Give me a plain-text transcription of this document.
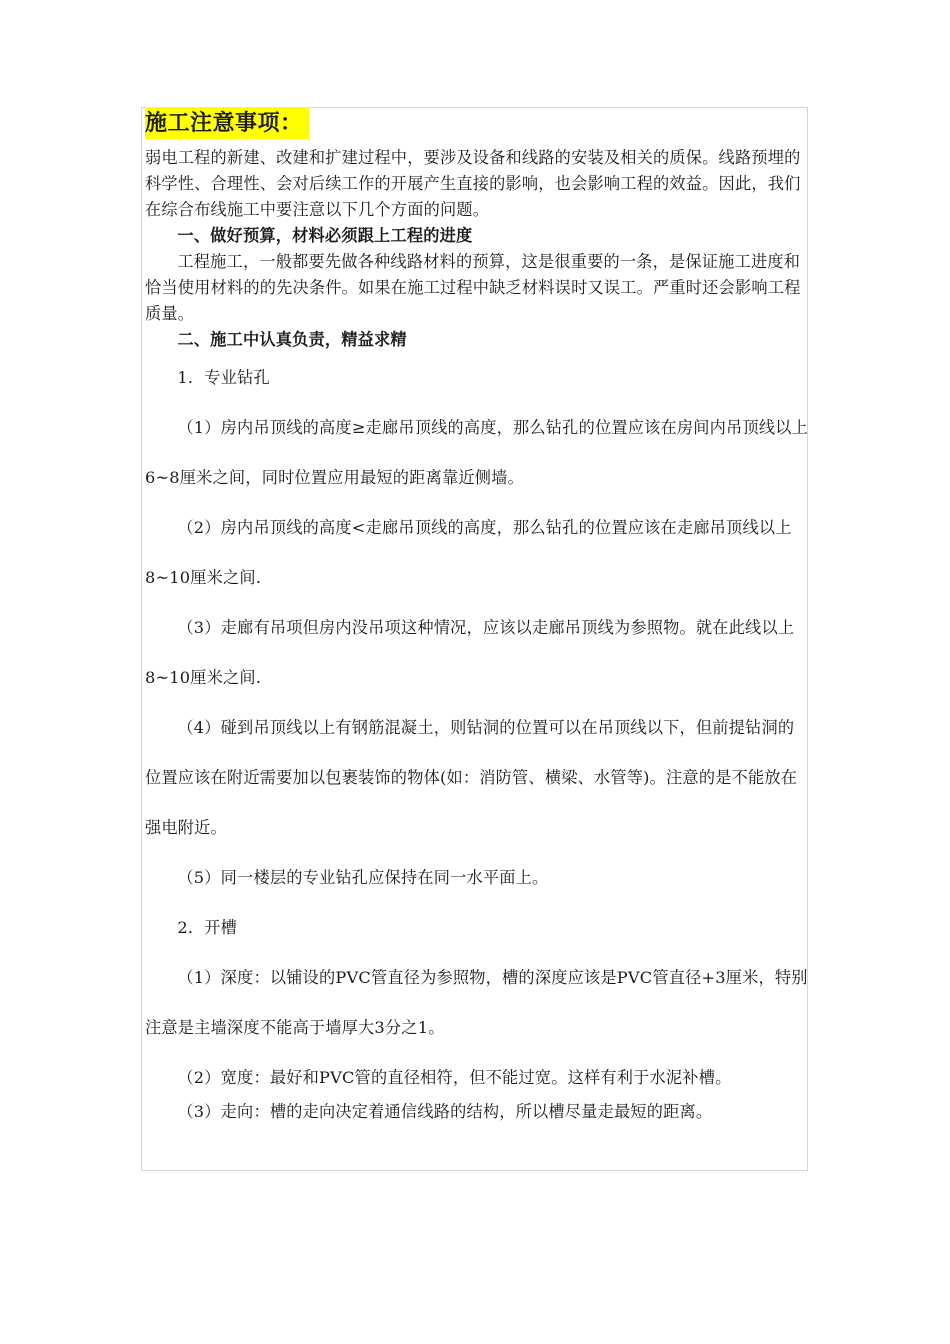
施工注意事项：

弱电工程的新建、改建和扩建过程中，要涉及设备和线路的安装及相关的质保。线路预埋的科学性、合理性、会对后续工作的开展产生直接的影响，也会影响工程的效益。因此，我们在综合布线施工中要注意以下几个方面的问题。

一、做好预算，材料必须跟上工程的进度

工程施工，一般都要先做各种线路材料的预算，这是很重要的一条，是保证施工进度和恰当使用材料的的先决条件。如果在施工过程中缺乏材料误时又误工。严重时还会影响工程质量。

二、施工中认真负责，精益求精

1．专业钻孔

（1）房内吊顶线的高度≥走廊吊顶线的高度，那么钻孔的位置应该在房间内吊顶线以上6~8厘米之间，同时位置应用最短的距离靠近侧墙。

（2）房内吊顶线的高度<走廊吊顶线的高度，那么钻孔的位置应该在走廊吊顶线以上8~10厘米之间.

（3）走廊有吊项但房内没吊项这种情况，应该以走廊吊顶线为参照物。就在此线以上8~10厘米之间.

（4）碰到吊顶线以上有钢筋混凝土，则钻洞的位置可以在吊顶线以下，但前提钻洞的位置应该在附近需要加以包裹装饰的物体(如：消防管、横梁、水管等)。注意的是不能放在强电附近。

（5）同一楼层的专业钻孔应保持在同一水平面上。

2．开槽

（1）深度：以铺设的PVC管直径为参照物，槽的深度应该是PVC管直径+3厘米，特别注意是主墙深度不能高于墙厚大3分之1。

（2）宽度：最好和PVC管的直径相符，但不能过宽。这样有利于水泥补槽。

（3）走向：槽的走向决定着通信线路的结构，所以槽尽量走最短的距离。
